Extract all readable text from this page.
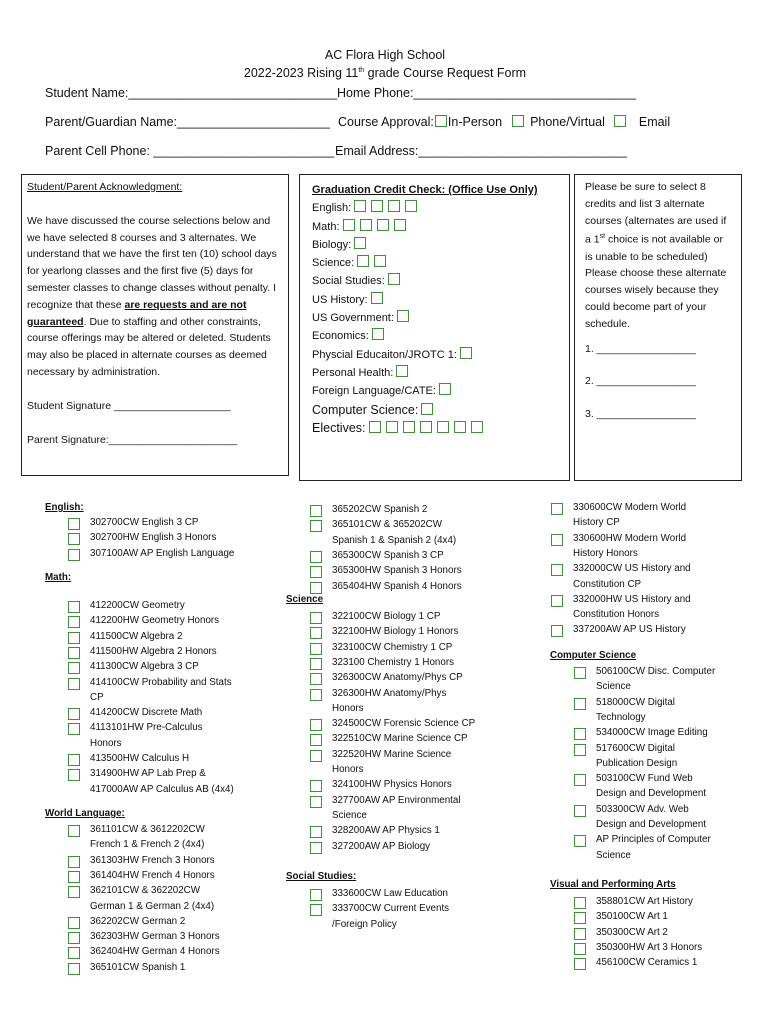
AC Flora High School
2022-2023 Rising 11th grade Course Request Form
Student Name:______________________________ Home Phone:________________________________
Parent/Guardian Name:______________________ Course Approval: In-Person Phone/Virtual	Email
Parent Cell Phone: __________________________ Email Address:______________________________

Student/Parent Acknowledgment:

We have discussed the course selections below and we have selected 8 courses and 3 alternates. We understand that we have the first ten (10) school days for yearlong classes and the first five (5) days for semester classes to change classes without penalty. I recognize that these are requests and are not guaranteed. Due to staffing and other constraints, course offerings may be altered or deleted. Students may also be placed in alternate courses as deemed necessary by administration.

Student Signature ____________________

Parent Signature:______________________

Graduation Credit Check: (Office Use Only)
English:
Math:
Biology:
Science:
Social Studies:
US History:
US Government:
Economics:
Physcial Educaiton/JROTC 1:
Personal Health:
Foreign Language/CATE:
Computer Science:
Electives:
Please be sure to select 8 credits and list 3 alternate courses (alternates are used if a 1st choice is not available or is unable to be scheduled) Please choose these alternate courses wisely because they could become part of your schedule.
1. _________________
2. _________________
3. _________________
English:
302700CW English 3 CP
302700HW English 3 Honors
307100AW AP English Language
Math:
412200CW Geometry
412200HW Geometry Honors
411500CW Algebra 2
411500HW Algebra 2 Honors
411300CW Algebra 3 CP
414100CW Probability and Stats
CP
414200CW Discrete Math
4113101HW Pre-Calculus
Honors
413500HW Calculus H
314900HW AP Lab Prep &
417000AW AP Calculus AB (4x4)
World Language:
361101CW & 3612202CW
French 1 & French 2 (4x4)
361303HW French 3 Honors
361404HW French 4 Honors
362101CW & 362202CW
German 1 & German 2 (4x4)
362202CW German 2
362303HW German 3 Honors
362404HW German 4 Honors
365101CW Spanish 1
365202CW Spanish 2
365101CW & 365202CW
Spanish 1 & Spanish 2 (4x4)
365300CW Spanish 3 CP
365300HW Spanish 3 Honors
365404HW Spanish 4 Honors
Science
322100CW Biology 1 CP
322100HW Biology 1 Honors
323100CW Chemistry 1 CP
323100 Chemistry 1 Honors
326300CW Anatomy/Phys CP
326300HW Anatomy/Phys
Honors
324500CW Forensic Science CP
322510CW Marine Science CP
322520HW Marine Science
Honors
324100HW Physics Honors
327700AW AP Environmental
Science
328200AW AP Physics 1
327200AW AP Biology
Social Studies:
333600CW Law Education
333700CW Current Events
/Foreign Policy
330600CW Modern World
History CP
330600HW Modern World
History Honors
332000CW US History and
Constitution CP
332000HW US History and
Constitution Honors
337200AW AP US History
Computer Science
506100CW Disc. Computer
Science
518000CW Digital
Technology
534000CW Image Editing
517600CW Digital
Publication Design
503100CW Fund Web
Design and Development
503300CW Adv. Web
Design and Development
AP Principles of Computer
Science
Visual and Performing Arts
358801CW Art History
350100CW Art 1
350300CW Art 2
350300HW Art 3 Honors
456100CW Ceramics 1
